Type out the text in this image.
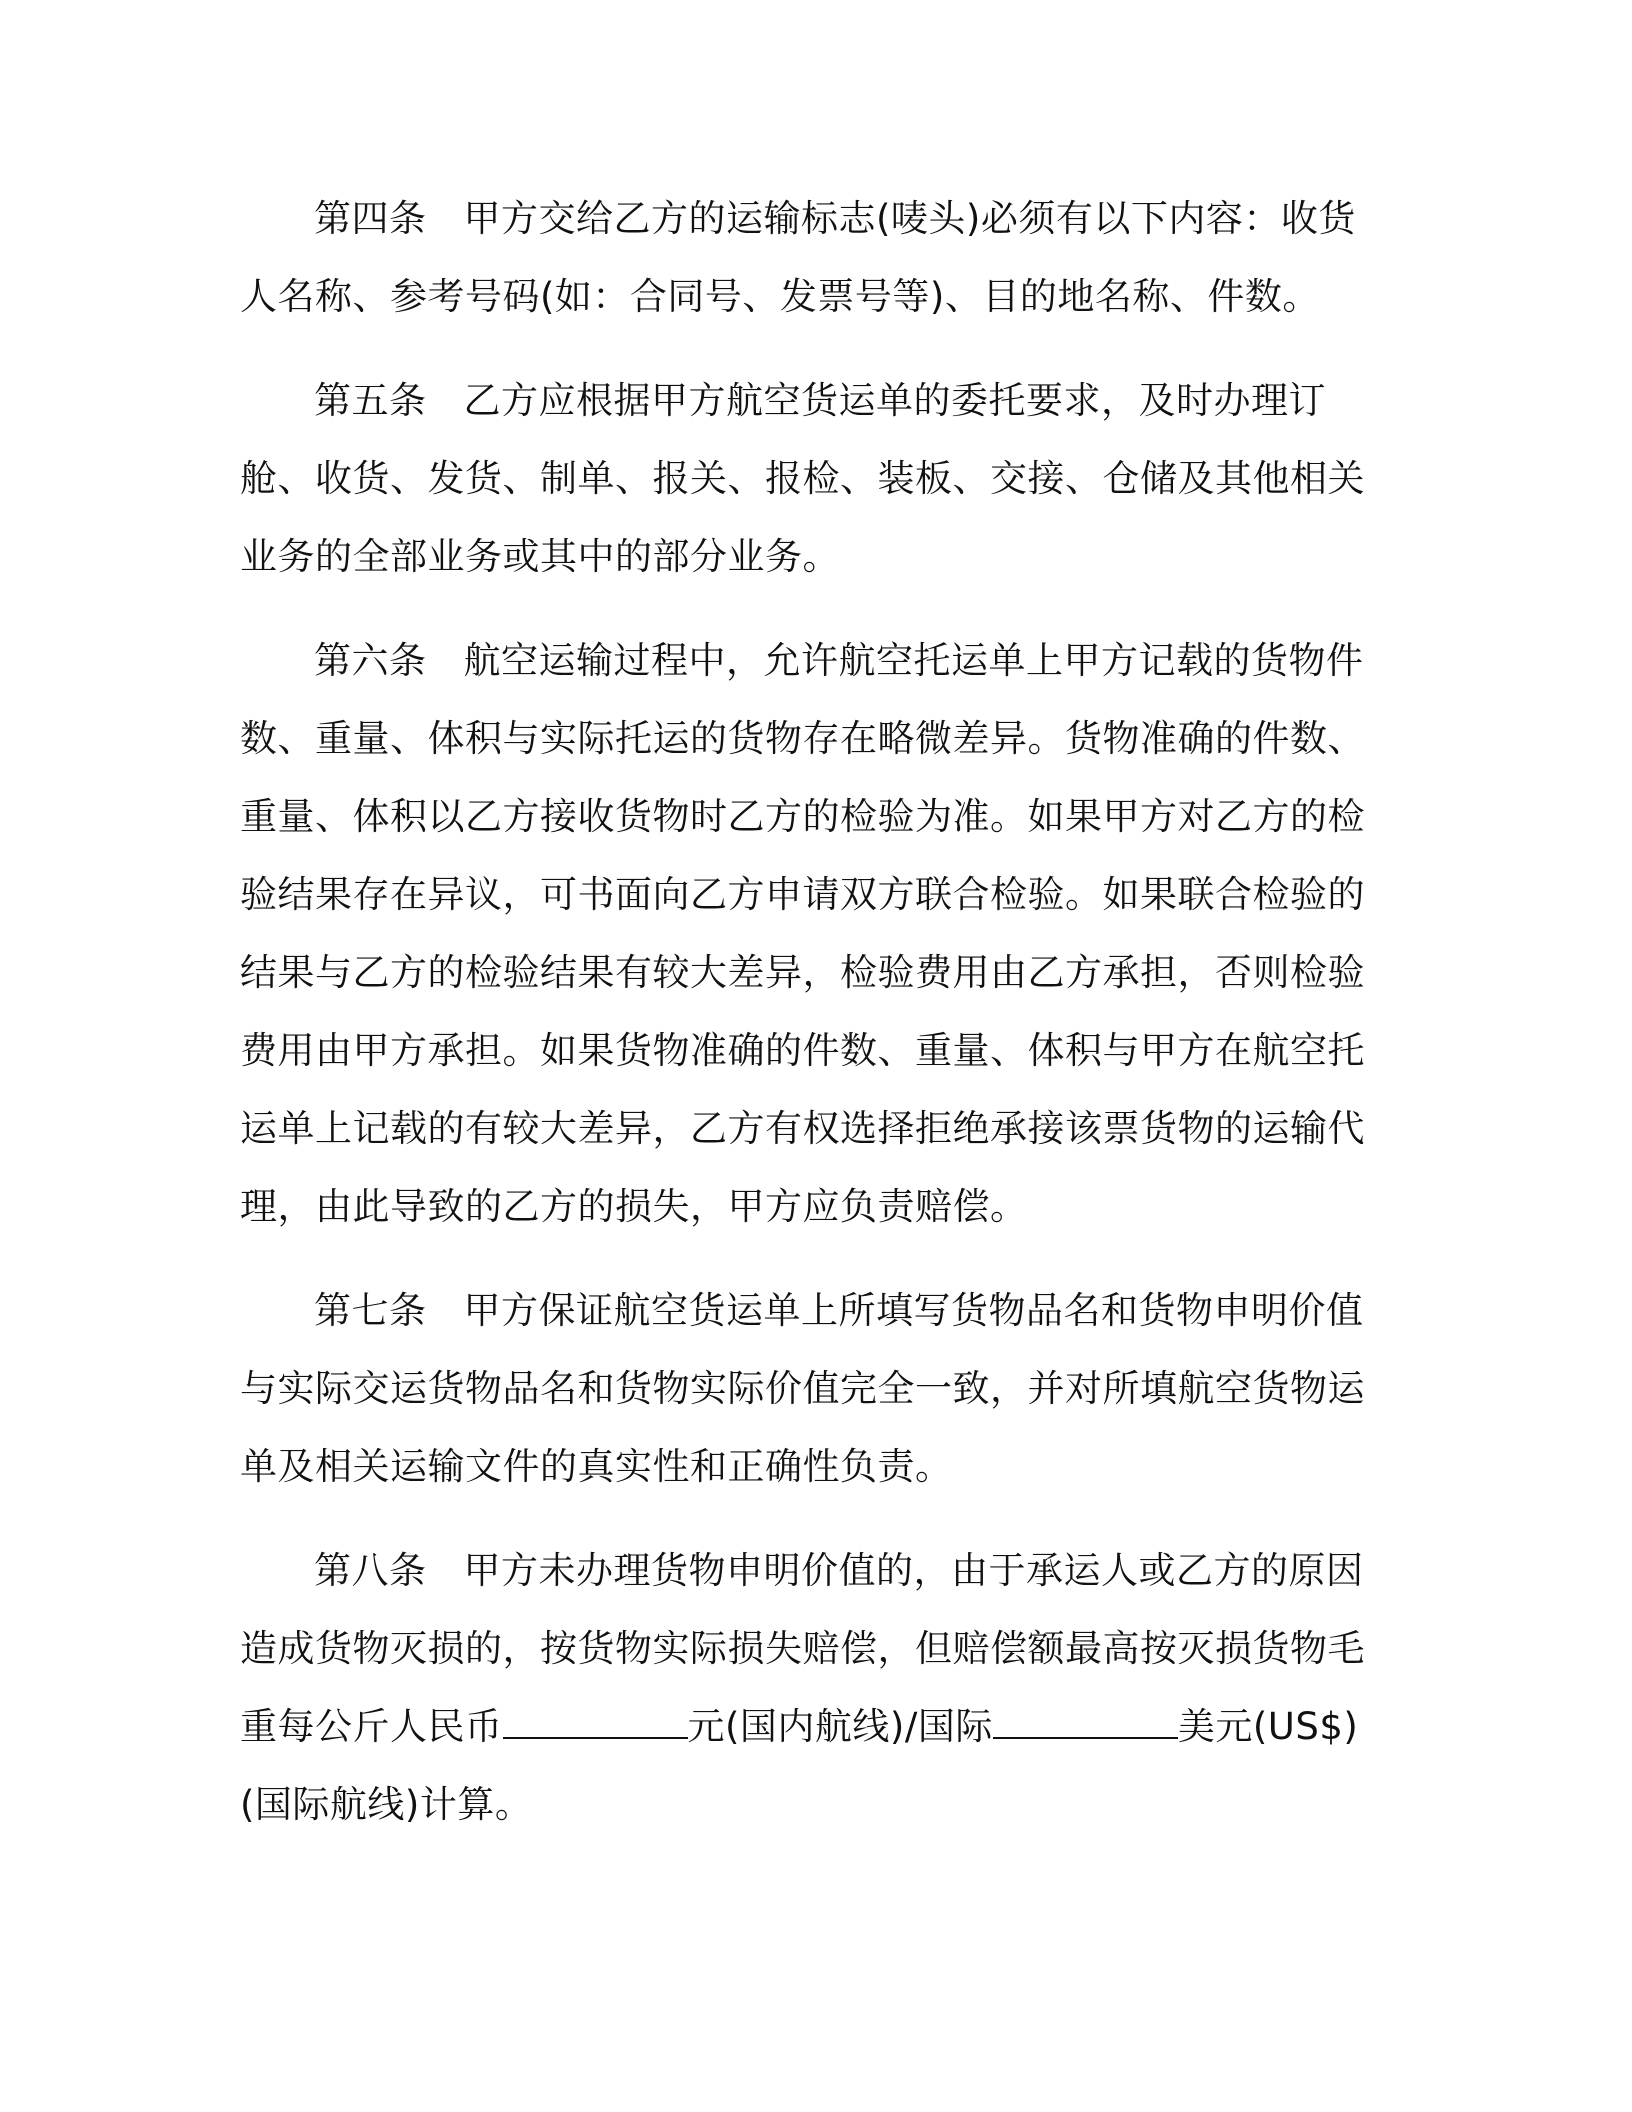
第四条 甲方交给乙方的运输标志(唛头)必须有以下内容：收货人名称、参考号码(如：合同号、发票号等)、目的地名称、件数。

第五条 乙方应根据甲方航空货运单的委托要求，及时办理订舱、收货、发货、制单、报关、报检、装板、交接、仓储及其他相关业务的全部业务或其中的部分业务。

第六条 航空运输过程中，允许航空托运单上甲方记载的货物件数、重量、体积与实际托运的货物存在略微差异。货物准确的件数、重量、体积以乙方接收货物时乙方的检验为准。如果甲方对乙方的检验结果存在异议，可书面向乙方申请双方联合检验。如果联合检验的结果与乙方的检验结果有较大差异，检验费用由乙方承担，否则检验费用由甲方承担。如果货物准确的件数、重量、体积与甲方在航空托运单上记载的有较大差异，乙方有权选择拒绝承接该票货物的运输代理，由此导致的乙方的损失，甲方应负责赔偿。

第七条 甲方保证航空货运单上所填写货物品名和货物申明价值与实际交运货物品名和货物实际价值完全一致，并对所填航空货物运单及相关运输文件的真实性和正确性负责。

第八条 甲方未办理货物申明价值的，由于承运人或乙方的原因造成货物灭损的，按货物实际损失赔偿，但赔偿额最高按灭损货物毛重每公斤人民币	元(国内航线)/国际	美元(US$)(国际航线)计算。
